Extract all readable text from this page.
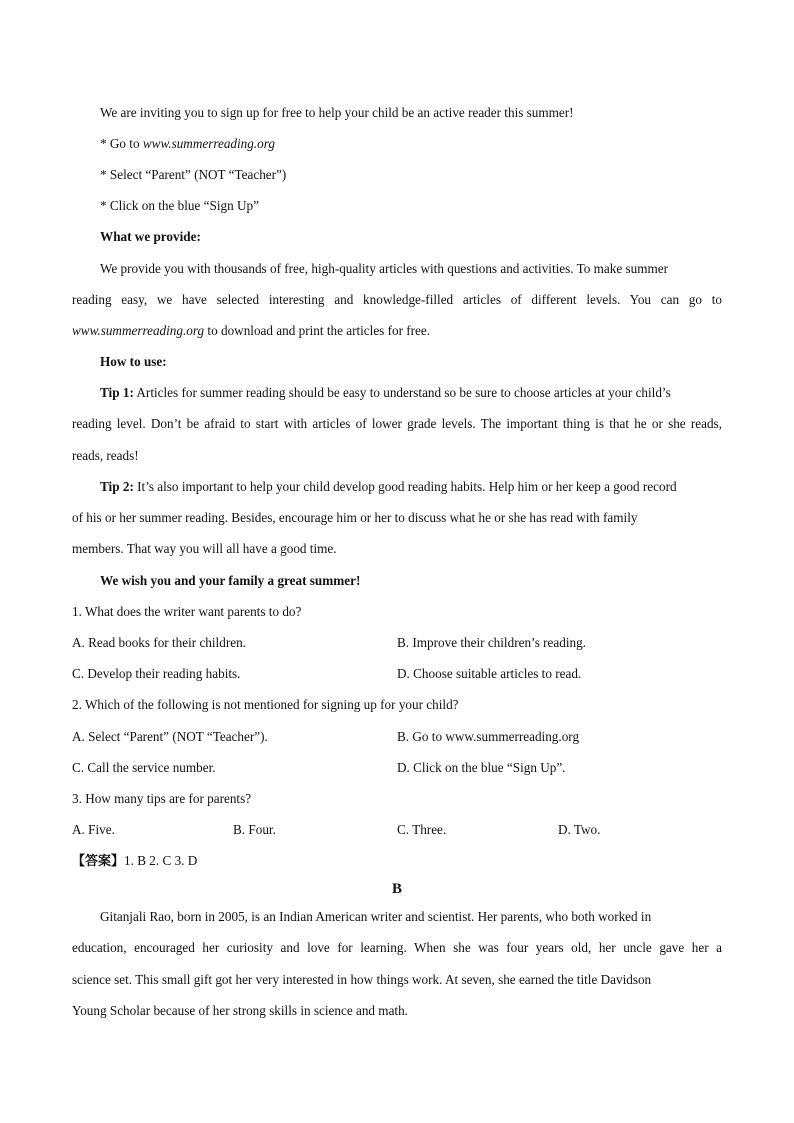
We are inviting you to sign up for free to help your child be an active reader this summer!
* Go to www.summerreading.org
* Select “Parent” (NOT “Teacher”)
* Click on the blue “Sign Up”
What we provide:
We provide you with thousands of free, high-quality articles with questions and activities. To make summer
reading easy, we have selected interesting and knowledge-filled articles of different levels. You can go to
www.summerreading.org to download and print the articles for free.
How to use:
Tip 1: Articles for summer reading should be easy to understand so be sure to choose articles at your child’s
reading level. Don’t be afraid to start with articles of lower grade levels. The important thing is that he or she reads,
reads, reads!
Tip 2: It’s also important to help your child develop good reading habits. Help him or her keep a good record
of his or her summer reading. Besides, encourage him or her to discuss what he or she has read with family
members. That way you will all have a good time.
We wish you and your family a great summer!
1. What does the writer want parents to do?
A. Read books for their children.	B. Improve their children’s reading.
C. Develop their reading habits.	D. Choose suitable articles to read.
2. Which of the following is not mentioned for signing up for your child?
A. Select “Parent” (NOT “Teacher”).	B. Go to www.summerreading.org
C. Call the service number.	D. Click on the blue “Sign Up”.
3. How many tips are for parents?
A. Five.	B. Four.	C. Three.	D. Two.
【答案】1. B 2. C 3. D
B
Gitanjali Rao, born in 2005, is an Indian American writer and scientist. Her parents, who both worked in
education, encouraged her curiosity and love for learning. When she was four years old, her uncle gave her a
science set. This small gift got her very interested in how things work. At seven, she earned the title Davidson
Young Scholar because of her strong skills in science and math.
